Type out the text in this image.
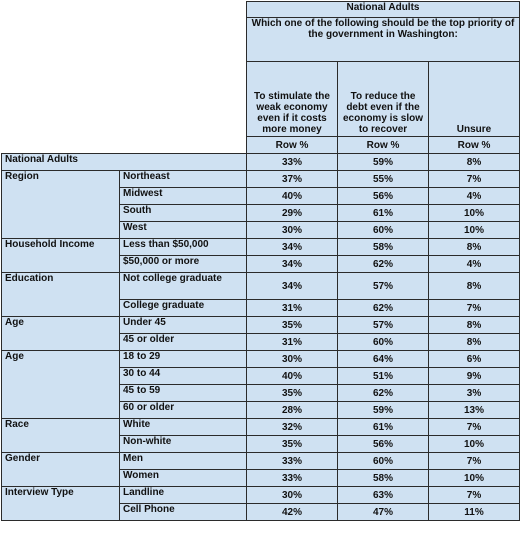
		National Adults		
		Which one of the following should be the top priority of the government in Washington:		
		To stimulate the weak economy even if it costs more money	To reduce the debt even if the economy is slow to recover	Unsure
		Row %	Row %	Row %
National Adults		33%	59%	8%
Region	Northeast	37%	55%	7%
	Midwest	40%	56%	4%
	South	29%	61%	10%
	West	30%	60%	10%
Household Income	Less than $50,000	34%	58%	8%
	$50,000 or more	34%	62%	4%
Education	Not college graduate	34%	57%	8%
	College graduate	31%	62%	7%
Age	Under 45	35%	57%	8%
	45 or older	31%	60%	8%
Age	18 to 29	30%	64%	6%
	30 to 44	40%	51%	9%
	45 to 59	35%	62%	3%
	60 or older	28%	59%	13%
Race	White	32%	61%	7%
	Non-white	35%	56%	10%
Gender	Men	33%	60%	7%
	Women	33%	58%	10%
Interview Type	Landline	30%	63%	7%
	Cell Phone	42%	47%	11%
